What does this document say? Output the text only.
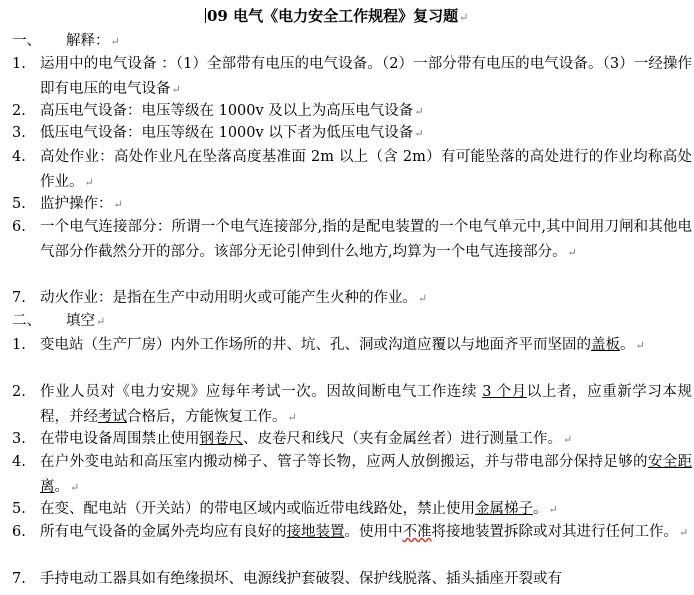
09 电气《电力安全工作规程》复习题↵
一、 解释：↵
1. 运用中的电气设备 ：（1）全部带有电压的电气设备。（2）一部分带有电压的电气设备。（3）一经操作即有电压的电气设备↵
2. 高压电气设备：电压等级在 1000v 及以上为高压电气设备↵
3. 低压电气设备：电压等级在 1000v 以下者为低压电气设备↵
4. 高处作业：高处作业凡在坠落高度基准面 2m 以上（含 2m）有可能坠落的高处进行的作业均称高处作业。↵
5. 监护操作：↵
6. 一个电气连接部分：所谓一个电气连接部分,指的是配电装置的一个电气单元中,其中间用刀闸和其他电气部分作截然分开的部分。该部分无论引伸到什么地方,均算为一个电气连接部分。↵
7. 动火作业：是指在生产中动用明火或可能产生火种的作业。↵
二、 填空↵
1. 变电站（生产厂房）内外工作场所的井、坑、孔、洞或沟道应覆以与地面齐平而坚固的盖板。↵
2. 作业人员对《电力安规》应每年考试一次。因故间断电气工作连续 3 个月以上者，应重新学习本规程，并经考试合格后，方能恢复工作。↵
3. 在带电设备周围禁止使用钢卷尺、皮卷尺和线尺（夹有金属丝者）进行测量工作。↵
4. 在户外变电站和高压室内搬动梯子、管子等长物，应两人放倒搬运，并与带电部分保持足够的安全距离。↵
5. 在变、配电站（开关站）的带电区域内或临近带电线路处，禁止使用金属梯子。↵
6. 所有电气设备的金属外壳均应有良好的接地装置。使用中不准将接地装置拆除或对其进行任何工作。↵
7. 手持电动工器具如有绝缘损坏、电源线护套破裂、保护线脱落、插头插座开裂或有
